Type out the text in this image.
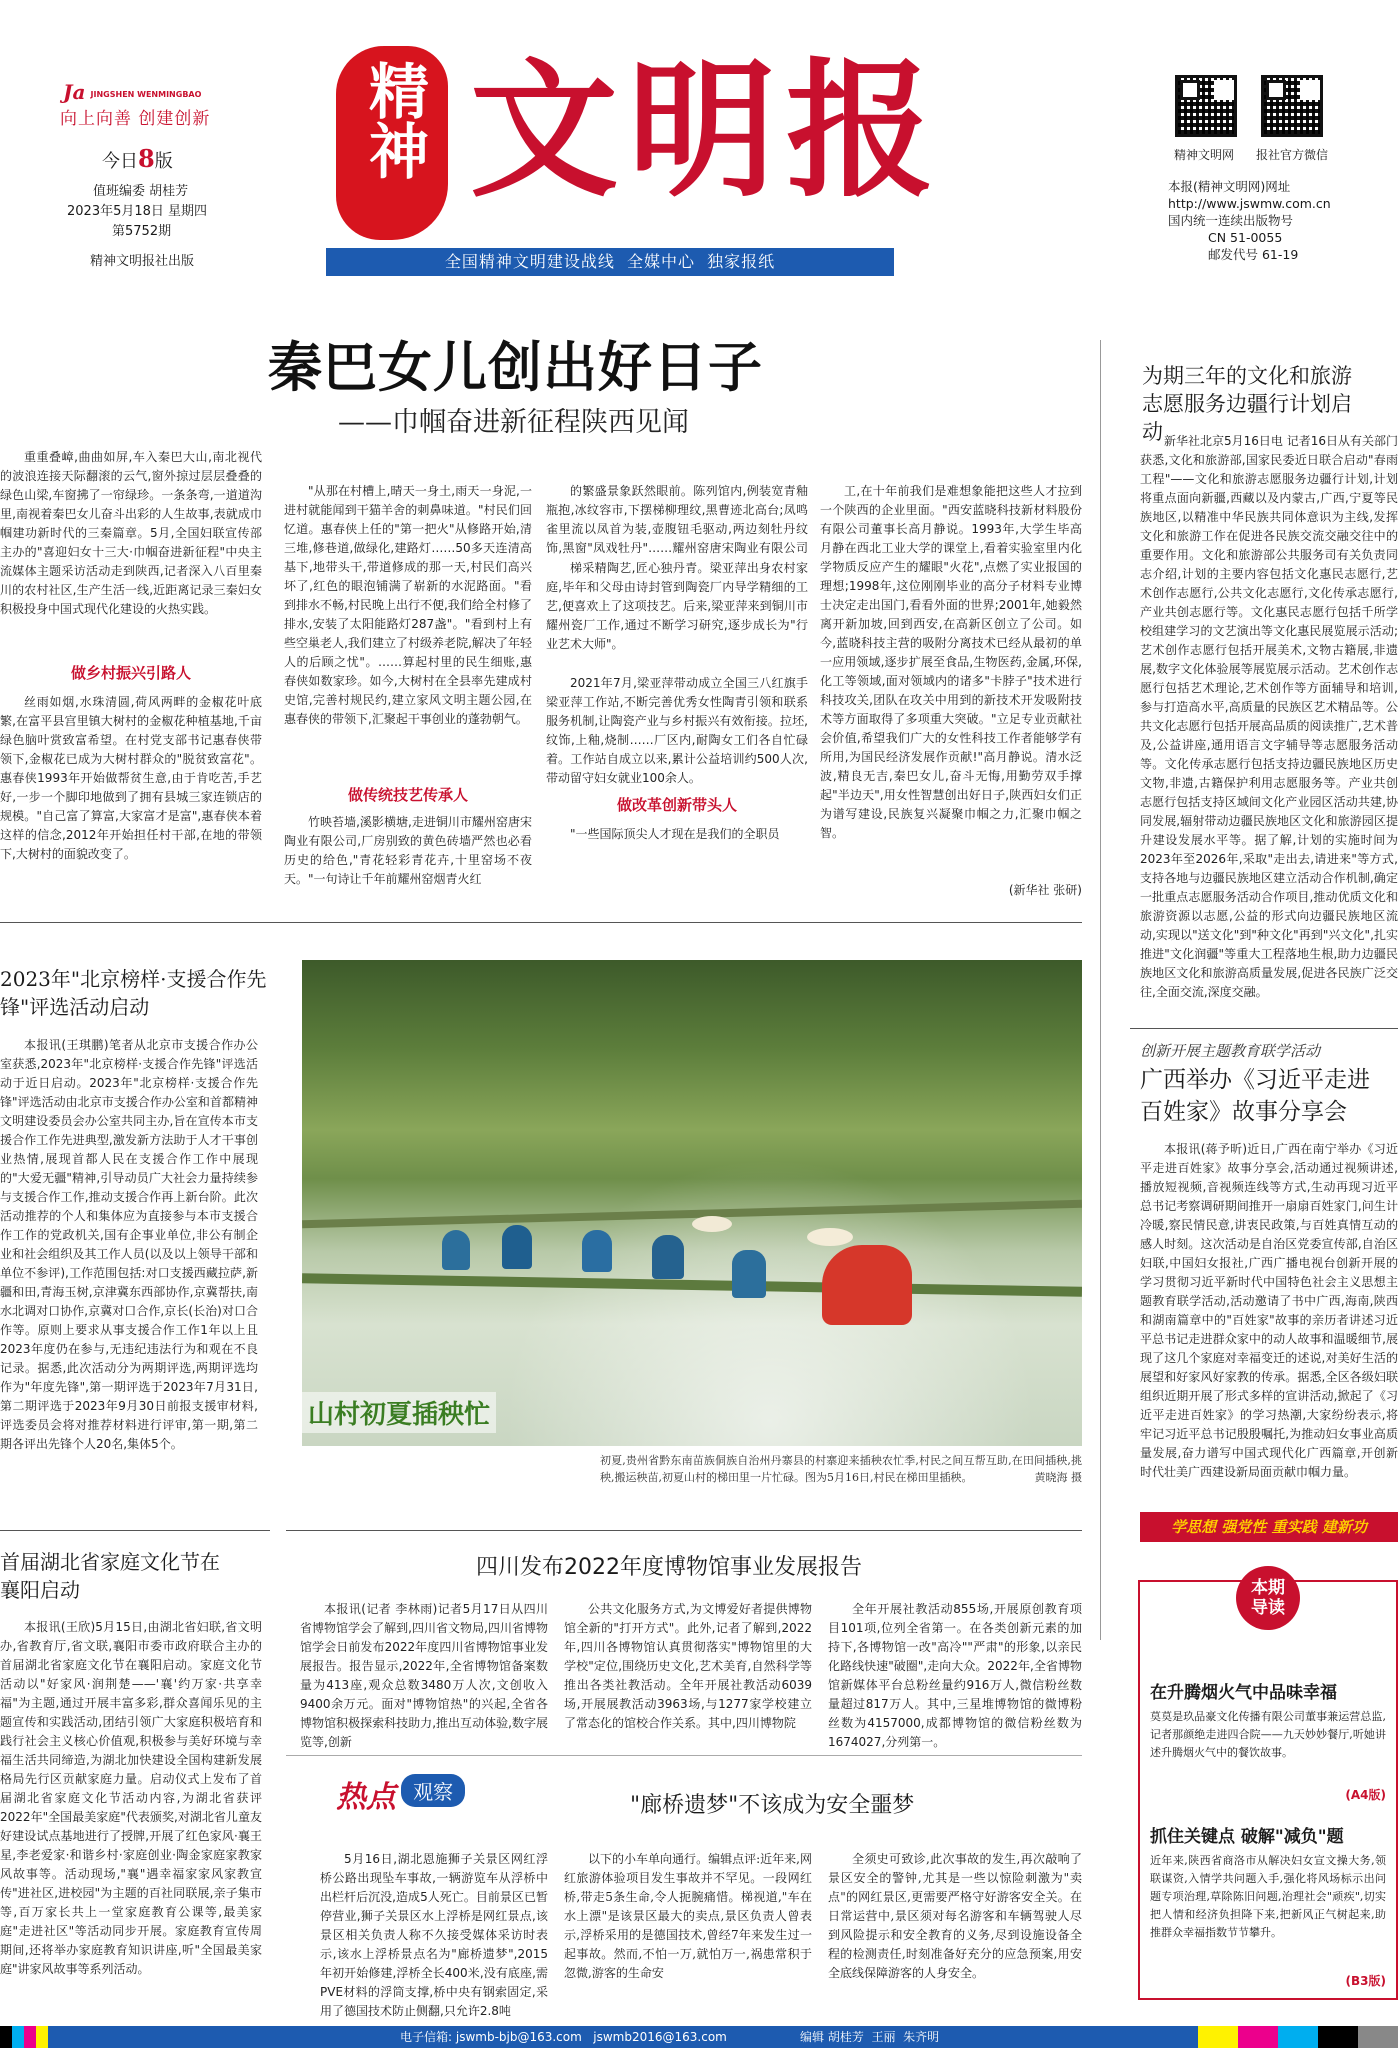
Ja JINGSHEN WENMINGBAO
向上向善 创建创新
今日8版
值班编委 胡桂芳
2023年5月18日 星期四
第5752期
精神文明报社出版
精神 文明报
全国精神文明建设战线  全媒中心  独家报纸
精神文明网 报社官方微信
本报(精神文明网)网址
http://www.jswmw.com.cn
国内统一连续出版物号
CN 51-0055
邮发代号 61-19
秦巴女儿创出好日子
——巾帼奋进新征程陕西见闻

重重叠嶂,曲曲如屏,车入秦巴大山,南北视代的波浪连接天际翻滚的云气,窗外掠过层层叠叠的绿色山梁,车窗拂了一帘绿珍。一条条弯,一道道沟里,南视着秦巴女儿奋斗出彩的人生故事,表就成巾帼建功新时代的三秦篇章。5月,全国妇联宣传部主办的"喜迎妇女十三大·巾帼奋进新征程"中央主流媒体主题采访活动走到陕西,记者深入八百里秦川的农村社区,生产生活一线,近距离记录三秦妇女积极投身中国式现代化建设的火热实践。

做乡村振兴引路人

丝雨如烟,水珠清圆,荷风两畔的金椒花叶底繁,在富平县宫里镇大树村的金椒花种植基地,千亩绿色脑叶赏致富希望。在村党支部书记惠春侠带领下,金椒花已成为大树村群众的"脱贫致富花"。惠春侠1993年开始做帮贫生意,由于肯吃苦,手艺好,一步一个脚印地做到了拥有县城三家连锁店的规模。"自己富了算富,大家富才是富",惠春侠本着这样的信念,2012年开始担任村干部,在地的带领下,大树村的面貌改变了。

"从那在村槽上,晴天一身土,雨天一身泥,一进村就能闻到干猫羊舍的刺鼻味道。"村民们回忆道。惠春侠上任的"第一把火"从修路开始,清三堆,修巷道,做绿化,建路灯……50多天连清高基下,地带头干,带道修成的那一天,村民们高兴坏了,红色的眼泡铺满了崭新的水泥路面。"看到排水不畅,村民晚上出行不便,我们给全村修了排水,安装了太阳能路灯287盏"。"看到村上有些空巢老人,我们建立了村级养老院,解决了年轻人的后顾之忧"。……算起村里的民生细账,惠春侠如数家珍。如今,大树村在全县率先建成村史馆,完善村规民约,建立家风文明主题公园,在惠春侠的带领下,汇聚起干事创业的蓬勃朝气。

做传统技艺传承人

竹映苔墙,溪影横塘,走进铜川市耀州窑唐宋陶业有限公司,厂房别致的黄色砖墙严然也必看历史的给色,"青花轻彩青花卉,十里窑场不夜天。"一句诗让千年前耀州窑烟青火红

的繁盛景象跃然眼前。陈列馆内,例装宽青釉瓶抱,冰纹容市,下摆梯柳理纹,黑曹迹北高台;凤鸣雀里流以凤首为装,壶腹钮毛驱动,两边刻牡丹纹饰,黑窗"凤戏牡丹"……耀州窑唐宋陶业有限公司

梯采精陶艺,匠心独丹青。梁亚萍出身农村家庭,毕年和父母由诗封管到陶瓷厂内导学精细的工艺,便喜欢上了这项技艺。后来,梁亚萍来到铜川市耀州瓷厂工作,通过不断学习研究,逐步成长为"行业艺术大师"。

2021年7月,梁亚萍带动成立全国三八红旗手梁亚萍工作站,不断完善优秀女性陶青引领和联系服务机制,让陶瓷产业与乡村振兴有效衔接。拉坯,纹饰,上釉,烧制……厂区内,耐陶女工们各自忙碌着。工作站自成立以来,累计公益培训约500人次,带动留守妇女就业100余人。

做改革创新带头人

"一些国际顶尖人才现在是我们的全职员

工,在十年前我们是难想象能把这些人才拉到一个陕西的企业里面。"西安蓝晓科技新材料股份有限公司董事长高月静说。1993年,大学生毕高月静在西北工业大学的课堂上,看着实验室里内化学物质反应产生的耀眼"火花",点燃了实业报国的理想;1998年,这位刚刚毕业的高分子材料专业博士决定走出国门,看看外面的世界;2001年,她毅然离开新加坡,回到西安,在高新区创立了公司。如今,蓝晓科技主营的吸附分离技术已经从最初的单一应用领域,逐步扩展至食品,生物医药,金属,环保,化工等领域,面对领域内的诸多"卡脖子"技术进行科技攻关,团队在攻关中用到的新技术开发吸附技术等方面取得了多项重大突破。"立足专业贡献社会价值,希望我们广大的女性科技工作者能够学有所用,为国民经济发展作贡献!"高月静说。清水泛波,精良无吉,秦巴女儿,奋斗无悔,用勤劳双手撑起"半边天",用女性智慧创出好日子,陕西妇女们正为谱写建设,民族复兴凝聚巾帼之力,汇聚巾帼之智。

(新华社 张研)
为期三年的文化和旅游志愿服务边疆行计划启动 新华社北京5月16日电 记者16日从有关部门获悉,文化和旅游部,国家民委近日联合启动"春雨工程"——文化和旅游志愿服务边疆行计划,计划将重点面向新疆,西藏以及内蒙古,广西,宁夏等民族地区,以精准中华民族共同体意识为主线,发挥文化和旅游工作在促进各民族交流交融交往中的重要作用。文化和旅游部公共服务司有关负责同志介绍,计划的主要内容包括文化惠民志愿行,艺术创作志愿行,公共文化志愿行,文化传承志愿行,产业共创志愿行等。文化惠民志愿行包括千所学校组建学习的文艺演出等文化惠民展览展示活动;艺术创作志愿行包括开展美术,文物古籍展,非遗展,数字文化体验展等展览展示活动。艺术创作志愿行包括艺术理论,艺术创作等方面辅导和培训,参与打造高水平,高质量的民族区艺术精品等。公共文化志愿行包括开展高品质的阅读推广,艺术普及,公益讲座,通用语言文字辅导等志愿服务活动等。文化传承志愿行包括支持边疆民族地区历史文物,非遗,古籍保护利用志愿服务等。产业共创志愿行包括支持区域间文化产业园区活动共建,协同发展,辐射带动边疆民族地区文化和旅游园区提升建设发展水平等。据了解,计划的实施时间为2023年至2026年,采取"走出去,请进来"等方式,支持各地与边疆民族地区建立活动合作机制,确定一批重点志愿服务活动合作项目,推动优质文化和旅游资源以志愿,公益的形式向边疆民族地区流动,实现以"送文化"到"种文化"再到"兴文化",扎实推进"文化润疆"等重大工程落地生根,助力边疆民族地区文化和旅游高质量发展,促进各民族广泛交往,全面交流,深度交融。

2023年"北京榜样·支援合作先锋"评选活动启动

本报讯(王琪鹏)笔者从北京市支援合作办公室获悉,2023年"北京榜样·支援合作先锋"评选活动于近日启动。2023年"北京榜样·支援合作先锋"评选活动由北京市支援合作办公室和首都精神文明建设委员会办公室共同主办,旨在宣传本市支援合作工作先进典型,激发新方法助于人才干事创业热情,展现首都人民在支援合作工作中展现的"大爱无疆"精神,引导动员广大社会力量持续参与支援合作工作,推动支援合作再上新台阶。此次活动推荐的个人和集体应为直接参与本市支援合作工作的党政机关,国有企事业单位,非公有制企业和社会组织及其工作人员(以及以上领导干部和单位不参评),工作范围包括:对口支援西藏拉萨,新疆和田,青海玉树,京津冀东西部协作,京冀帮扶,南水北调对口协作,京冀对口合作,京长(长治)对口合作等。原则上要求从事支援合作工作1年以上且2023年度仍在参与,无违纪违法行为和观在不良记录。据悉,此次活动分为两期评选,两期评选均作为"年度先锋",第一期评选于2023年7月31日,第二期评选于2023年9月30日前报支援审材料,评选委员会将对推荐材料进行评审,第一期,第二期各评出先锋个人20名,集体5个。

山村初夏插秧忙
初夏,贵州省黔东南苗族侗族自治州丹寨县的村寨迎来插秧农忙季,村民之间互帮互助,在田间插秧,挑秧,搬运秧苗,初夏山村的梯田里一片忙碌。图为5月16日,村民在梯田里插秧。	黄晓海 摄
创新开展主题教育联学活动
广西举办《习近平走进百姓家》故事分享会

本报讯(蒋予昕)近日,广西在南宁举办《习近平走进百姓家》故事分享会,活动通过视频讲述,播放短视频,音视频连线等方式,生动再现习近平总书记考察调研期间推开一扇扇百姓家门,问生计冷暖,察民情民意,讲衷民政策,与百姓真情互动的感人时刻。这次活动是自治区党委宣传部,自治区妇联,中国妇女报社,广西广播电视台创新开展的学习贯彻习近平新时代中国特色社会主义思想主题教育联学活动,活动邀请了书中广西,海南,陕西和湖南篇章中的"百姓家"故事的亲历者讲述习近平总书记走进群众家中的动人故事和温暖细节,展现了这几个家庭对幸福变迁的述说,对美好生活的展望和好家风好家教的传承。据悉,全区各级妇联组织近期开展了形式多样的宣讲活动,掀起了《习近平走进百姓家》的学习热潮,大家纷纷表示,将牢记习近平总书记殷殷嘱托,为推动妇女事业高质量发展,奋力谱写中国式现代化广西篇章,开创新时代壮美广西建设新局面贡献巾帼力量。

学思想 强党性 重实践 建新功
首届湖北省家庭文化节在襄阳启动

本报讯(王欣)5月15日,由湖北省妇联,省文明办,省教育厅,省文联,襄阳市委市政府联合主办的首届湖北省家庭文化节在襄阳启动。家庭文化节活动以"好家风·润荆楚——'襄'约万家·共享幸福"为主题,通过开展丰富多彩,群众喜闻乐见的主题宣传和实践活动,团结引领广大家庭积极培育和践行社会主义核心价值观,积极参与美好环境与幸福生活共同缔造,为湖北加快建设全国构建新发展格局先行区贡献家庭力量。启动仪式上发布了首届湖北省家庭文化节活动内容,为湖北省获评2022年"全国最美家庭"代表颁奖,对湖北省儿童友好建设试点基地进行了授牌,开展了红色家风·襄王星,李老爱家·和谐乡村·家庭创业·陶金家庭家教家风故事等。活动现场,"襄"遇幸福家家风家教宣传"进社区,进校园"为主题的百社同联展,亲子集市等,百万家长共上一堂家庭教育公课等,最美家庭"走进社区"等活动同步开展。家庭教育宣传周期间,还将举办家庭教育知识讲座,听"全国最美家庭"讲家风故事等系列活动。

四川发布2022年度博物馆事业发展报告

本报讯(记者 李林雨)记者5月17日从四川省博物馆学会了解到,四川省文物局,四川省博物馆学会日前发布2022年度四川省博物馆事业发展报告。报告显示,2022年,全省博物馆备案数量为413座,观众总数3480万人次,文创收入9400余万元。面对"博物馆热"的兴起,全省各博物馆积极探索科技助力,推出互动体验,数字展览等,创新

公共文化服务方式,为文博爱好者提供博物馆全新的"打开方式"。此外,记者了解到,2022年,四川各博物馆认真贯彻落实"博物馆里的大学校"定位,围绕历史文化,艺术美育,自然科学等推出各类社教活动。全年开展社教活动6039场,开展展教活动3963场,与1277家学校建立了常态化的馆校合作关系。其中,四川博物院

全年开展社教活动855场,开展原创教育项目101项,位列全省第一。在各类创新元素的加持下,各博物馆一改"高冷""严肃"的形象,以亲民化路线快速"破圈",走向大众。2022年,全省博物馆新媒体平台总粉丝量约916万人,微信粉丝数量超过817万人。其中,三星堆博物馆的微博粉丝数为4157000,成都博物馆的微信粉丝数为1674027,分列第一。

热点 观察
"廊桥遗梦"不该成为安全噩梦

5月16日,湖北恩施狮子关景区网红浮桥公路出现坠车事故,一辆游览车从浮桥中出栏杆后沉没,造成5人死亡。目前景区已暂停营业,狮子关景区水上浮桥是网红景点,该景区相关负责人称不久接受媒体采访时表示,该水上浮桥景点名为"廊桥遗梦",2015年初开始修建,浮桥全长400米,没有底座,需PVE材料的浮筒支撑,桥中央有钢索固定,采用了德国技术防止侧翻,只允许2.8吨

以下的小车单向通行。编辑点评:近年来,网红旅游体验项目发生事故并不罕见。一段网红桥,带走5条生命,令人扼腕痛惜。梯视道,"车在水上漂"是该景区最大的卖点,景区负责人曾表示,浮桥采用的是德国技术,曾经7年来发生过一起事故。然而,不怕一万,就怕万一,祸患常积于忽微,游客的生命安

全须史可致诊,此次事故的发生,再次敲响了景区安全的警钟,尤其是一些以惊险刺激为"卖点"的网红景区,更需要严格守好游客安全关。在日常运营中,景区须对每名游客和车辆驾驶人尽到风险提示和安全教育的义务,尽到设施设备全程的检测责任,时刻准备好充分的应急预案,用安全底线保障游客的人身安全。

本期
导读
在升腾烟火气中品味幸福
莫莫是玖品豪文化传播有限公司董事兼运营总监,记者那颜绝走进四合院——九天妙妙餐厅,听她讲述升腾烟火气中的餐饮故事。
(A4版)
抓住关键点 破解"减负"题
近年来,陕西省商洛市从解决妇女宣文操大务,领联谋资,入情学共问题入手,强化将风场标示出问题专项治理,草除陈旧问题,治理社会"顽疾",切实把人情和经济负担降下来,把新风正气树起来,助推群众幸福指数节节攀升。
(B3版)
电子信箱: jswmb-bjb@163.com   jswmb2016@163.com	编辑 胡桂芳  王丽  朱齐明
